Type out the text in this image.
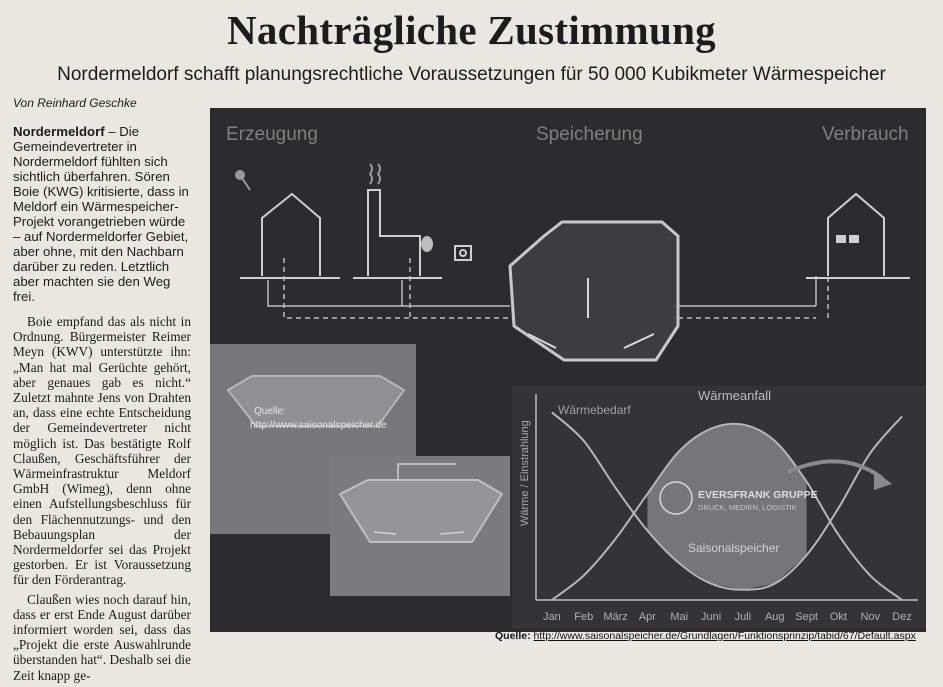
Nachträgliche Zustimmung

Nordermeldorf schafft planungsrechtliche Voraussetzungen für 50 000 Kubikmeter Wärmespeicher

Von Reinhard Geschke

Nordermeldorf – Die Gemeindevertreter in Nordermeldorf fühlten sich sichtlich überfahren. Sören Boie (KWG) kritisierte, dass in Meldorf ein Wärmespeicher-Projekt vorangetrieben würde – auf Nordermeldorfer Gebiet, aber ohne, mit den Nachbarn darüber zu reden. Letztlich aber machten sie den Weg frei.

Boie empfand das als nicht in Ordnung. Bürgermeister Reimer Meyn (KWV) unterstützte ihn: „Man hat mal Gerüchte gehört, aber genaues gab es nicht.“ Zuletzt mahnte Jens von Drahten an, dass eine echte Entscheidung der Gemeindevertreter nicht möglich ist. Das bestätigte Rolf Claußen, Geschäftsführer der Wärmeinfrastruktur Meldorf GmbH (Wimeg), denn ohne einen Aufstellungsbeschluss für den Flächennutzungs- und den Bebauungsplan der Nordermeldorfer sei das Projekt gestorben. Er ist Voraussetzung für den Förderantrag.

Claußen wies noch darauf hin, dass er erst Ende August darüber informiert worden sei, dass das „Projekt die erste Auswahlrunde überstanden hat“. Deshalb sei die Zeit knapp ge-

Erzeugung	Speicherung	Verbrauch
Quelle:
http://www.saisonalspeicher.de	Wärme / Einstrahlung
Wärmebedarf
Wärmeanfall
Saisonalspeicher
EVERSFRANK GRUPPE
DRUCK, MEDIEN, LOGISTIK
Jan Feb März Apr Mai Juni Juli Aug Sept Okt Nov Dez
Quelle: http://www.saisonalspeicher.de/Grundlagen/Funktionsprinzip/tabid/67/Default.aspx
